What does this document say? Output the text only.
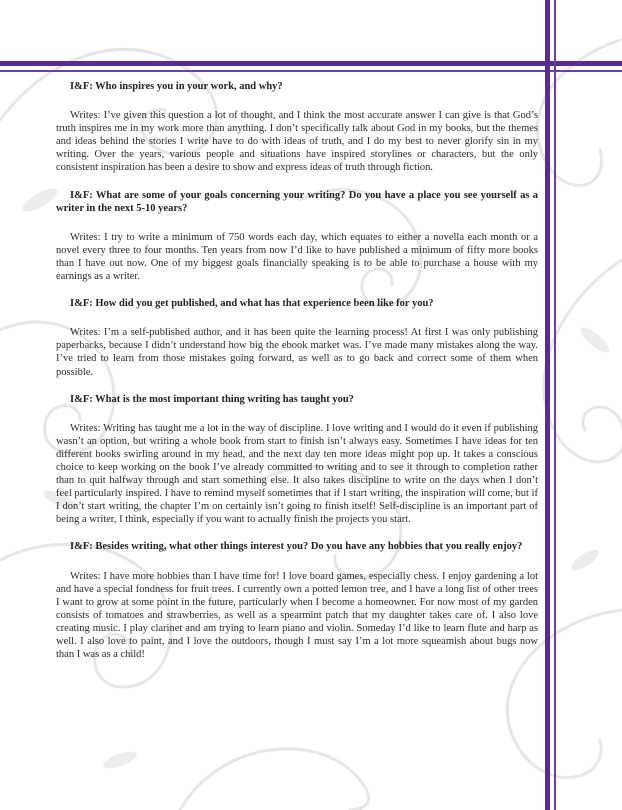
I&F: Who inspires you in your work, and why?

Writes: I’ve given this question a lot of thought, and I think the most accurate answer I can give is that God’s truth inspires me in my work more than anything. I don’t specifically talk about God in my books, but the themes and ideas behind the stories I write have to do with ideas of truth, and I do my best to never glorify sin in my writing. Over the years, various people and situations have inspired storylines or characters, but the only consistent inspiration has been a desire to show and express ideas of truth through fiction.

I&F: What are some of your goals concerning your writing? Do you have a place you see yourself as a writer in the next 5-10 years?

Writes: I try to write a minimum of 750 words each day, which equates to either a novella each month or a novel every three to four months. Ten years from now I’d like to have published a minimum of fifty more books than I have out now. One of my biggest goals financially speaking is to be able to purchase a house with my earnings as a writer.

I&F: How did you get published, and what has that experience been like for you?

Writes: I’m a self-published author, and it has been quite the learning process! At first I was only publishing paperbacks, because I didn’t understand how big the ebook market was. I’ve made many mistakes along the way. I’ve tried to learn from those mistakes going forward, as well as to go back and correct some of them when possible.

I&F: What is the most important thing writing has taught you?

Writes: Writing has taught me a lot in the way of discipline. I love writing and I would do it even if publishing wasn’t an option, but writing a whole book from start to finish isn’t always easy. Sometimes I have ideas for ten different books swirling around in my head, and the next day ten more ideas might pop up. It takes a conscious choice to keep working on the book I’ve already committed to writing and to see it through to completion rather than to quit halfway through and start something else. It also takes discipline to write on the days when I don’t feel particularly inspired. I have to remind myself sometimes that if I start writing, the inspiration will come, but if I don’t start writing, the chapter I’m on certainly isn’t going to finish itself! Self-discipline is an important part of being a writer, I think, especially if you want to actually finish the projects you start.

I&F: Besides writing, what other things interest you? Do you have any hobbies that you really enjoy?

Writes: I have more hobbies than I have time for! I love board games, especially chess. I enjoy gardening a lot and have a special fondness for fruit trees. I currently own a potted lemon tree, and I have a long list of other trees I want to grow at some point in the future, particularly when I become a homeowner. For now most of my garden consists of tomatoes and strawberries, as well as a spearmint patch that my daughter takes care of. I also love creating music. I play clarinet and am trying to learn piano and violin. Someday I’d like to learn flute and harp as well. I also love to paint, and I love the outdoors, though I must say I’m a lot more squeamish about bugs now than I was as a child!
